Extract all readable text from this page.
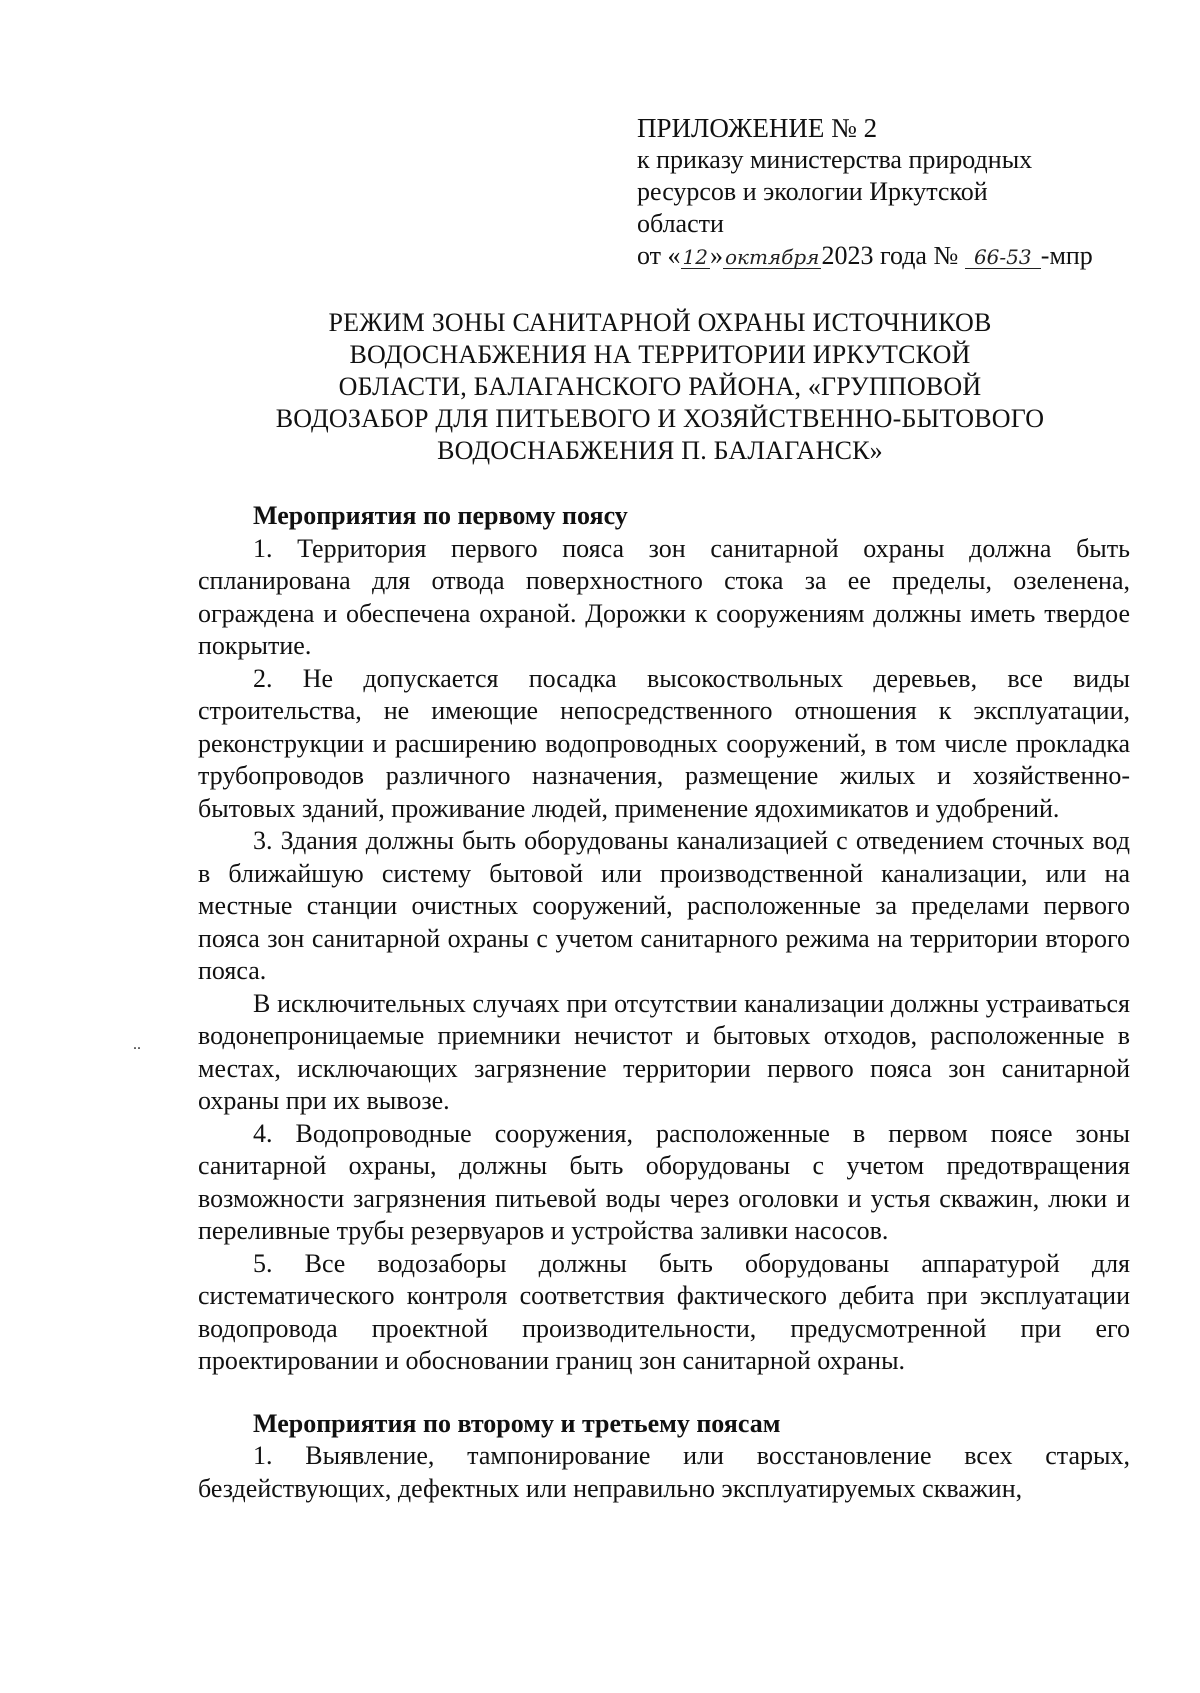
ПРИЛОЖЕНИЕ № 2
к приказу министерства природных
ресурсов и экологии Иркутской
области
от « 12» октября2023 года № 66-53 -мпр
РЕЖИМ ЗОНЫ САНИТАРНОЙ ОХРАНЫ ИСТОЧНИКОВ
ВОДОСНАБЖЕНИЯ НА ТЕРРИТОРИИ ИРКУТСКОЙ
ОБЛАСТИ, БАЛАГАНСКОГО РАЙОНА, «ГРУППОВОЙ
ВОДОЗАБОР ДЛЯ ПИТЬЕВОГО И ХОЗЯЙСТВЕННО-БЫТОВОГО
ВОДОСНАБЖЕНИЯ П. БАЛАГАНСК»

Мероприятия по первому поясу

1. Территория первого пояса зон санитарной охраны должна быть спланирована для отвода поверхностного стока за ее пределы, озеленена, ограждена и обеспечена охраной. Дорожки к сооружениям должны иметь твердое покрытие.

2. Не допускается посадка высокоствольных деревьев, все виды строительства, не имеющие непосредственного отношения к эксплуатации, реконструкции и расширению водопроводных сооружений, в том числе прокладка трубопроводов различного назначения, размещение жилых и хозяйственно-бытовых зданий, проживание людей, применение ядохимикатов и удобрений.

3. Здания должны быть оборудованы канализацией с отведением сточных вод в ближайшую систему бытовой или производственной канализации, или на местные станции очистных сооружений, расположенные за пределами первого пояса зон санитарной охраны с учетом санитарного режима на территории второго пояса.

В исключительных случаях при отсутствии канализации должны устраиваться водонепроницаемые приемники нечистот и бытовых отходов, расположенные в местах, исключающих загрязнение территории первого пояса зон санитарной охраны при их вывозе.

4. Водопроводные сооружения, расположенные в первом поясе зоны санитарной охраны, должны быть оборудованы с учетом предотвращения возможности загрязнения питьевой воды через оголовки и устья скважин, люки и переливные трубы резервуаров и устройства заливки насосов.

5. Все водозаборы должны быть оборудованы аппаратурой для систематического контроля соответствия фактического дебита при эксплуатации водопровода проектной производительности, предусмотренной при его проектировании и обосновании границ зон санитарной охраны.

Мероприятия по второму и третьему поясам

1. Выявление, тампонирование или восстановление всех старых, бездействующих, дефектных или неправильно эксплуатируемых скважин,

..
